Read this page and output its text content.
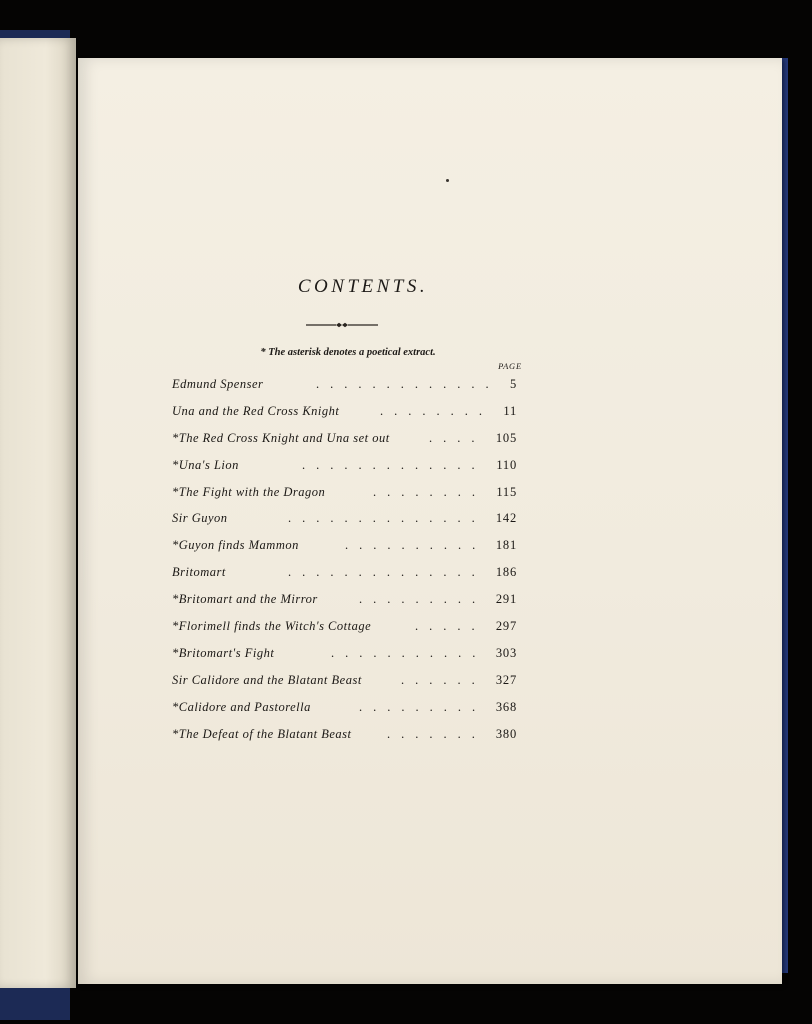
CONTENTS.
* The asterisk denotes a poetical extract.
PAGE
Edmund Spenser	............. 5
Una and the Red Cross Knight	........ 11
*The Red Cross Knight and Una set out	.... 105
*Una's Lion	............. 110
*The Fight with the Dragon	........ 115
Sir Guyon	.............. 142
*Guyon finds Mammon	.......... 181
Britomart	.............. 186
*Britomart and the Mirror	......... 291
*Florimell finds the Witch's Cottage	..... 297
*Britomart's Fight	........... 303
Sir Calidore and the Blatant Beast	...... 327
*Calidore and Pastorella	......... 368
*The Defeat of the Blatant Beast	....... 380
